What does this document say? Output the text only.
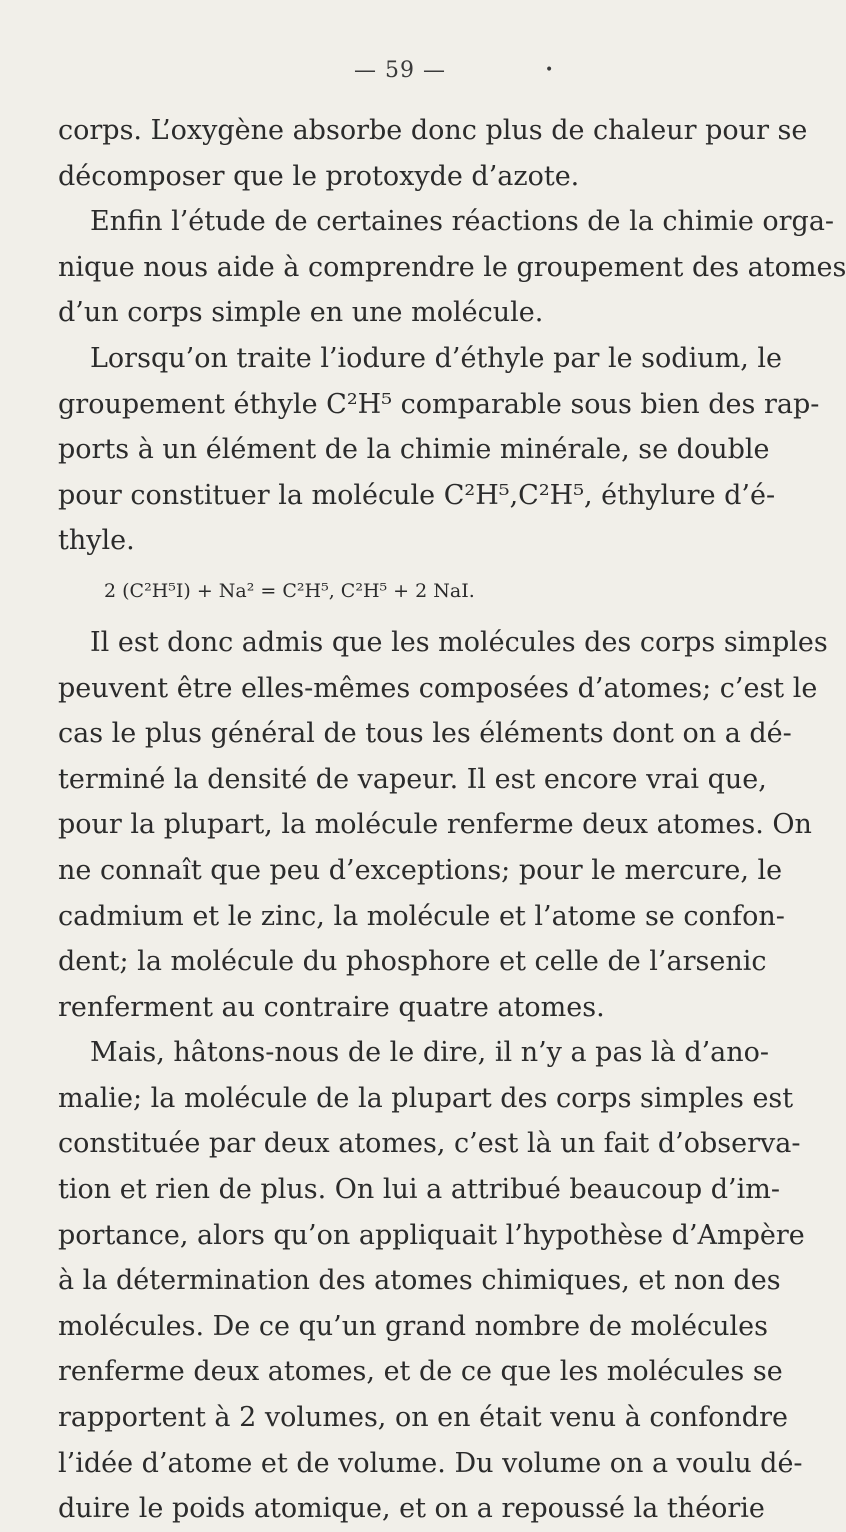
— 59 —	•
corps. L’oxygène absorbe donc plus de chaleur pour se
décomposer que le protoxyde d’azote.
Enfin l’étude de certaines réactions de la chimie orga-
nique nous aide à comprendre le groupement des atomes
d’un corps simple en une molécule.
Lorsqu’on traite l’iodure d’éthyle par le sodium, le
groupement éthyle C²H⁵ comparable sous bien des rap-
ports à un élément de la chimie minérale, se double
pour constituer la molécule C²H⁵,C²H⁵, éthylure d’é-
thyle.
2 (C²H⁵I) + Na² = C²H⁵, C²H⁵ + 2 NaI.
Il est donc admis que les molécules des corps simples
peuvent être elles-mêmes composées d’atomes; c’est le
cas le plus général de tous les éléments dont on a dé-
terminé la densité de vapeur. Il est encore vrai que,
pour la plupart, la molécule renferme deux atomes. On
ne connaît que peu d’exceptions; pour le mercure, le
cadmium et le zinc, la molécule et l’atome se confon-
dent; la molécule du phosphore et celle de l’arsenic
renferment au contraire quatre atomes.
Mais, hâtons-nous de le dire, il n’y a pas là d’ano-
malie; la molécule de la plupart des corps simples est
constituée par deux atomes, c’est là un fait d’observa-
tion et rien de plus. On lui a attribué beaucoup d’im-
portance, alors qu’on appliquait l’hypothèse d’Ampère
à la détermination des atomes chimiques, et non des
molécules. De ce qu’un grand nombre de molécules
renferme deux atomes, et de ce que les molécules se
rapportent à 2 volumes, on en était venu à confondre
l’idée d’atome et de volume. Du volume on a voulu dé-
duire le poids atomique, et on a repoussé la théorie
